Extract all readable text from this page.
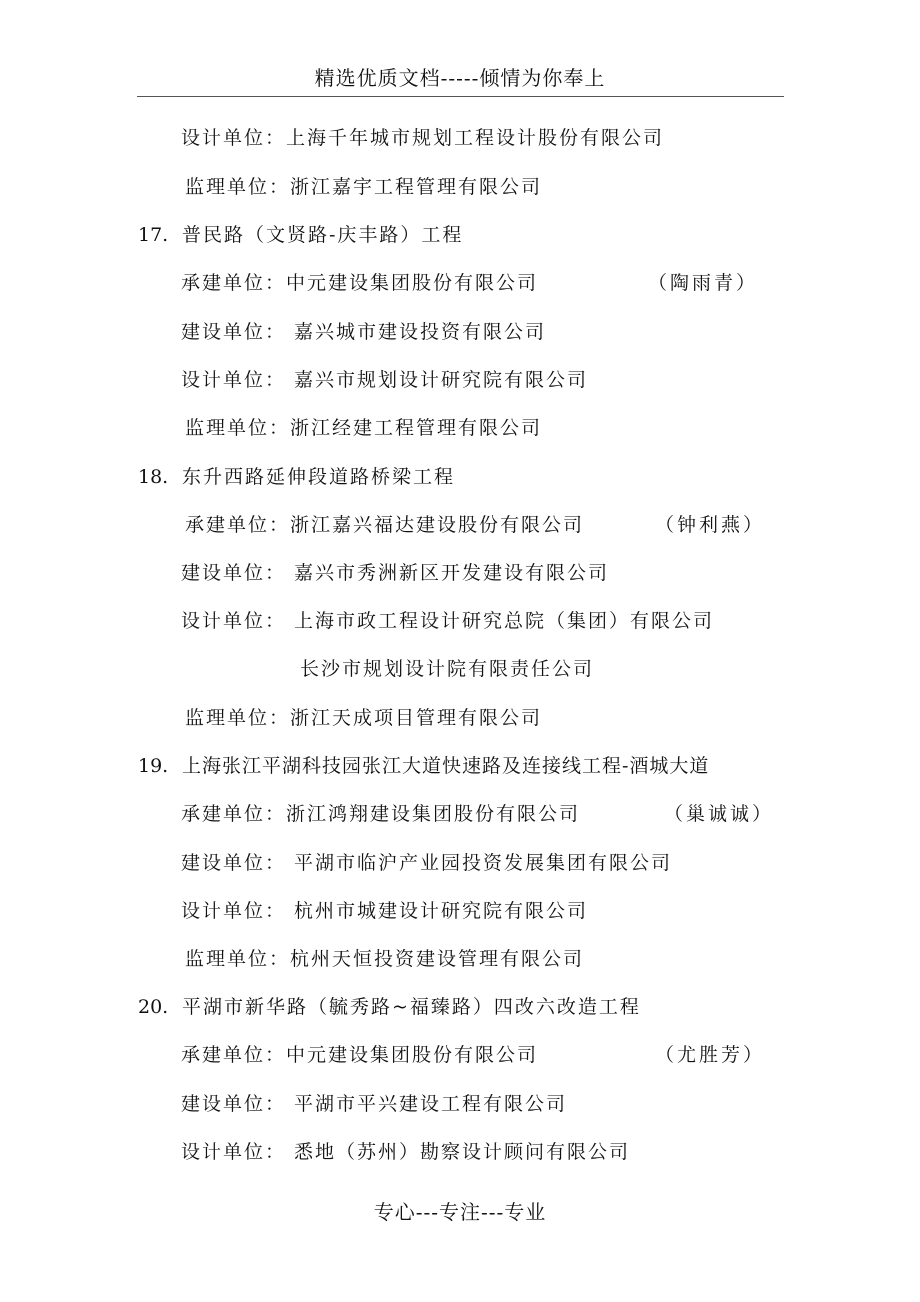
精选优质文档-----倾情为你奉上
设计单位：上海千年城市规划工程设计股份有限公司
监理单位：浙江嘉宇工程管理有限公司
17. 普民路（文贤路-庆丰路）工程
承建单位：中元建设集团股份有限公司	（陶雨青）
建设单位： 嘉兴城市建设投资有限公司
设计单位： 嘉兴市规划设计研究院有限公司
监理单位：浙江经建工程管理有限公司
18. 东升西路延伸段道路桥梁工程
承建单位：浙江嘉兴福达建设股份有限公司	（钟利燕）
建设单位： 嘉兴市秀洲新区开发建设有限公司
设计单位： 上海市政工程设计研究总院（集团）有限公司
长沙市规划设计院有限责任公司
监理单位：浙江天成项目管理有限公司
19. 上海张江平湖科技园张江大道快速路及连接线工程-酒城大道
承建单位：浙江鸿翔建设集团股份有限公司	（巢诚诚）
建设单位： 平湖市临沪产业园投资发展集团有限公司
设计单位： 杭州市城建设计研究院有限公司
监理单位：杭州天恒投资建设管理有限公司
20. 平湖市新华路（毓秀路~福臻路）四改六改造工程
承建单位：中元建设集团股份有限公司	（尤胜芳）
建设单位： 平湖市平兴建设工程有限公司
设计单位： 悉地（苏州）勘察设计顾问有限公司
专心---专注---专业
